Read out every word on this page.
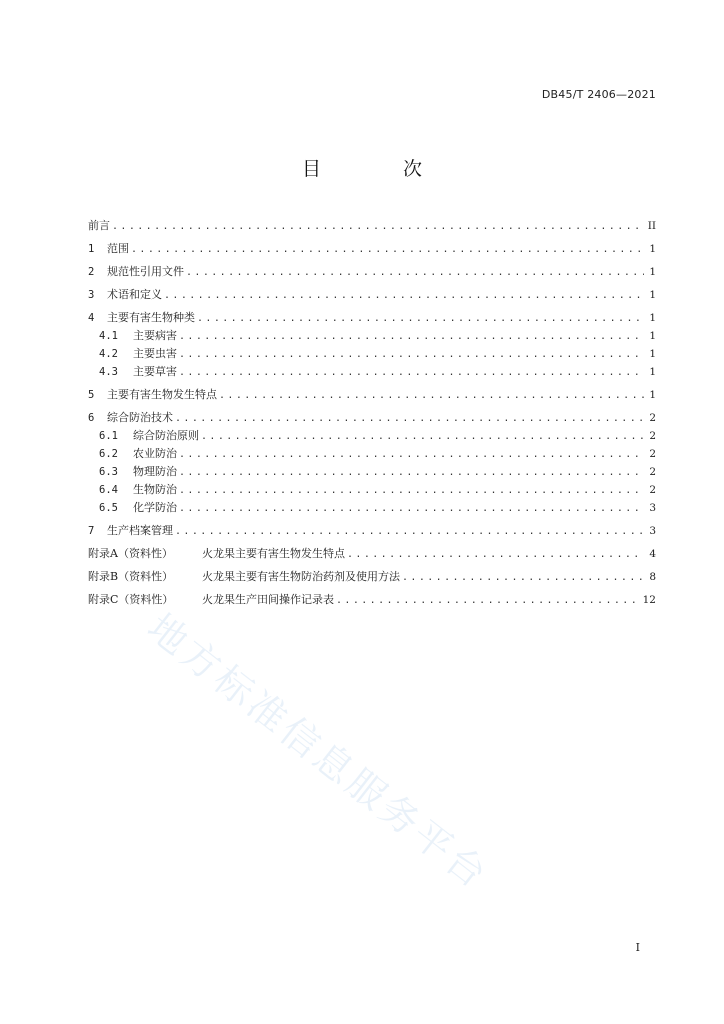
DB45/T 2406—2021
目 次
前言 .....	II
1	范围 .....	1
2	规范性引用文件 .....	1
3	术语和定义 .....	1
4	主要有害生物种类 .....	1
4.1	主要病害 .....	1
4.2	主要虫害 .....	1
4.3	主要草害 .....	1
5	主要有害生物发生特点 .....	1
6	综合防治技术 .....	2
6.1	综合防治原则 .....	2
6.2	农业防治 .....	2
6.3	物理防治 .....	2
6.4	生物防治 .....	2
6.5	化学防治 .....	3
7	生产档案管理 .....	3
附录A（资料性）	火龙果主要有害生物发生特点 .....	4
附录B（资料性）	火龙果主要有害生物防治药剂及使用方法 .....	8
附录C（资料性）	火龙果生产田间操作记录表 .....	12
地方标准信息服务平台
I
